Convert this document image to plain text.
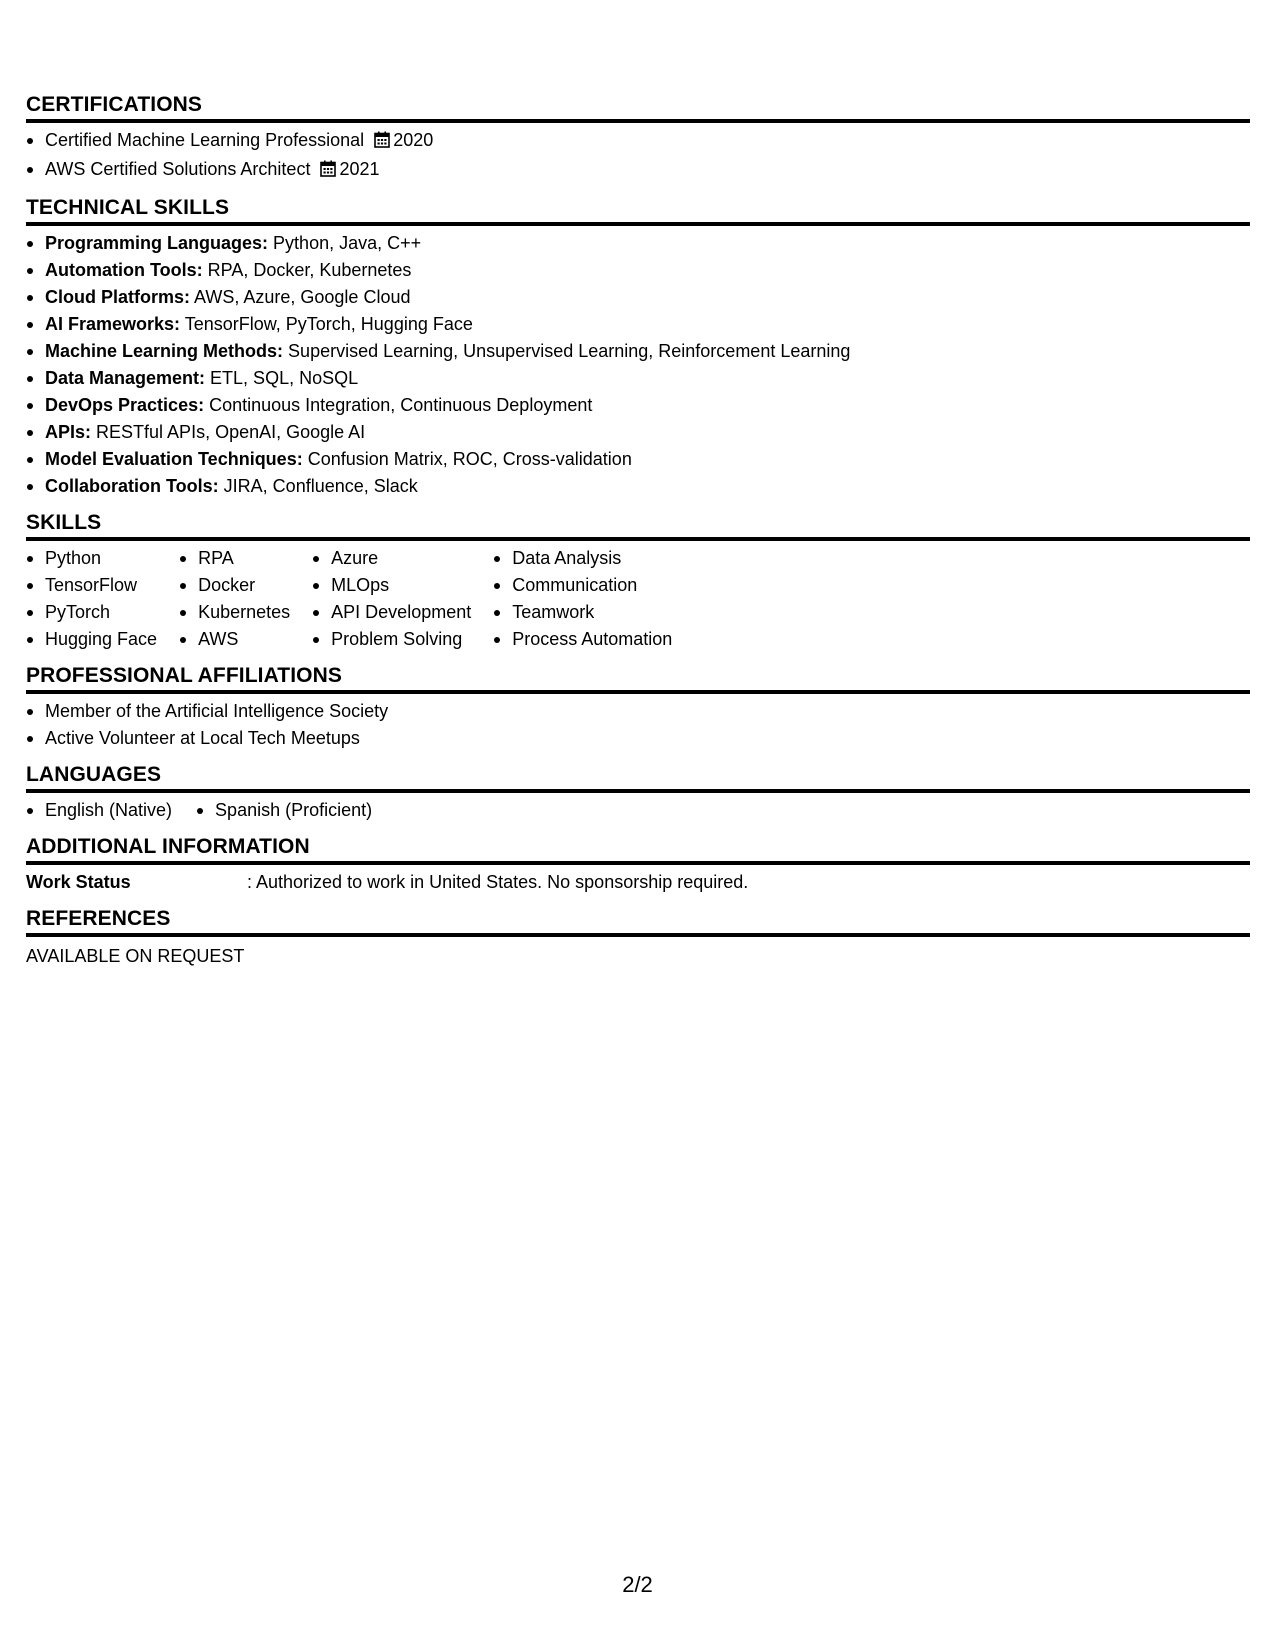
CERTIFICATIONS
Certified Machine Learning Professional 2020
AWS Certified Solutions Architect 2021
TECHNICAL SKILLS
Programming Languages: Python, Java, C++
Automation Tools: RPA, Docker, Kubernetes
Cloud Platforms: AWS, Azure, Google Cloud
AI Frameworks: TensorFlow, PyTorch, Hugging Face
Machine Learning Methods: Supervised Learning, Unsupervised Learning, Reinforcement Learning
Data Management: ETL, SQL, NoSQL
DevOps Practices: Continuous Integration, Continuous Deployment
APIs: RESTful APIs, OpenAI, Google AI
Model Evaluation Techniques: Confusion Matrix, ROC, Cross-validation
Collaboration Tools: JIRA, Confluence, Slack
SKILLS
Python
TensorFlow
PyTorch
Hugging Face
RPA
Docker
Kubernetes
AWS
Azure
MLOps
API Development
Problem Solving
Data Analysis
Communication
Teamwork
Process Automation
PROFESSIONAL AFFILIATIONS
Member of the Artificial Intelligence Society
Active Volunteer at Local Tech Meetups
LANGUAGES
English (Native)	Spanish (Proficient)
ADDITIONAL INFORMATION
Work Status	: Authorized to work in United States. No sponsorship required.
REFERENCES
AVAILABLE ON REQUEST
2/2
